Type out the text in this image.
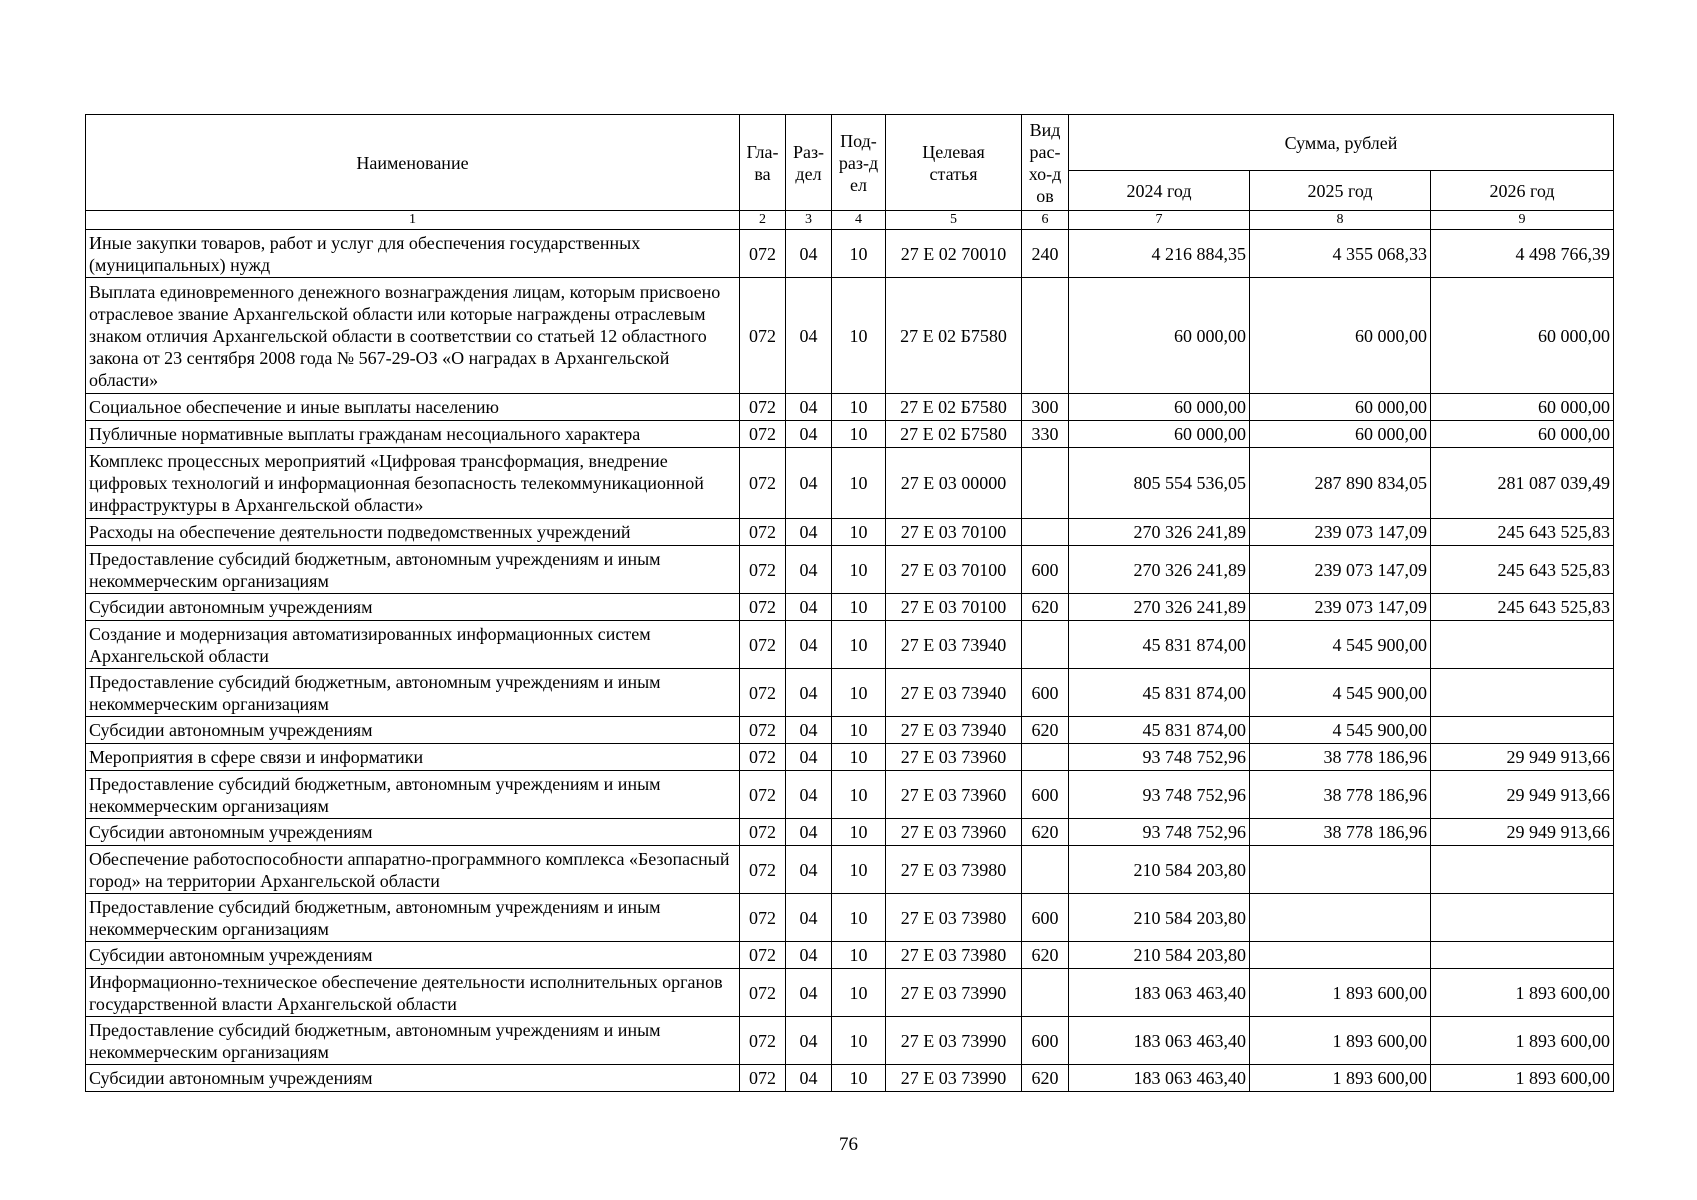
Наименование	Гла-ва	Раз-дел	Под-раз-дел	Целевая статья	Вид рас-хо-дов	Сумма, рублей		
						2024 год	2025 год	2026 год
1	2	3	4	5	6	7	8	9
Иные закупки товаров, работ и услуг для обеспечения государственных (муниципальных) нужд	072	04	10	27 Е 02 70010	240	4 216 884,35	4 355 068,33	4 498 766,39
Выплата единовременного денежного вознаграждения лицам, которым присвоено отраслевое звание Архангельской области или которые награждены отраслевым знаком отличия Архангельской области в соответствии со статьей 12 областного закона от 23 сентября 2008 года № 567-29-ОЗ «О наградах в Архангельской области»	072	04	10	27 Е 02 Б7580		60 000,00	60 000,00	60 000,00
Социальное обеспечение и иные выплаты населению	072	04	10	27 Е 02 Б7580	300	60 000,00	60 000,00	60 000,00
Публичные нормативные выплаты гражданам несоциального характера	072	04	10	27 Е 02 Б7580	330	60 000,00	60 000,00	60 000,00
Комплекс процессных мероприятий «Цифровая трансформация, внедрение цифровых технологий и информационная безопасность телекоммуникационной инфраструктуры в Архангельской области»	072	04	10	27 Е 03 00000		805 554 536,05	287 890 834,05	281 087 039,49
Расходы на обеспечение деятельности подведомственных учреждений	072	04	10	27 Е 03 70100		270 326 241,89	239 073 147,09	245 643 525,83
Предоставление субсидий бюджетным, автономным учреждениям и иным некоммерческим организациям	072	04	10	27 Е 03 70100	600	270 326 241,89	239 073 147,09	245 643 525,83
Субсидии автономным учреждениям	072	04	10	27 Е 03 70100	620	270 326 241,89	239 073 147,09	245 643 525,83
Создание и модернизация автоматизированных информационных систем Архангельской области	072	04	10	27 Е 03 73940		45 831 874,00	4 545 900,00	
Предоставление субсидий бюджетным, автономным учреждениям и иным некоммерческим организациям	072	04	10	27 Е 03 73940	600	45 831 874,00	4 545 900,00	
Субсидии автономным учреждениям	072	04	10	27 Е 03 73940	620	45 831 874,00	4 545 900,00	
Мероприятия в сфере связи и информатики	072	04	10	27 Е 03 73960		93 748 752,96	38 778 186,96	29 949 913,66
Предоставление субсидий бюджетным, автономным учреждениям и иным некоммерческим организациям	072	04	10	27 Е 03 73960	600	93 748 752,96	38 778 186,96	29 949 913,66
Субсидии автономным учреждениям	072	04	10	27 Е 03 73960	620	93 748 752,96	38 778 186,96	29 949 913,66
Обеспечение работоспособности аппаратно-программного комплекса «Безопасный город» на территории Архангельской области	072	04	10	27 Е 03 73980		210 584 203,80		
Предоставление субсидий бюджетным, автономным учреждениям и иным некоммерческим организациям	072	04	10	27 Е 03 73980	600	210 584 203,80		
Субсидии автономным учреждениям	072	04	10	27 Е 03 73980	620	210 584 203,80		
Информационно-техническое обеспечение деятельности исполнительных органов государственной власти Архангельской области	072	04	10	27 Е 03 73990		183 063 463,40	1 893 600,00	1 893 600,00
Предоставление субсидий бюджетным, автономным учреждениям и иным некоммерческим организациям	072	04	10	27 Е 03 73990	600	183 063 463,40	1 893 600,00	1 893 600,00
Субсидии автономным учреждениям	072	04	10	27 Е 03 73990	620	183 063 463,40	1 893 600,00	1 893 600,00
76
